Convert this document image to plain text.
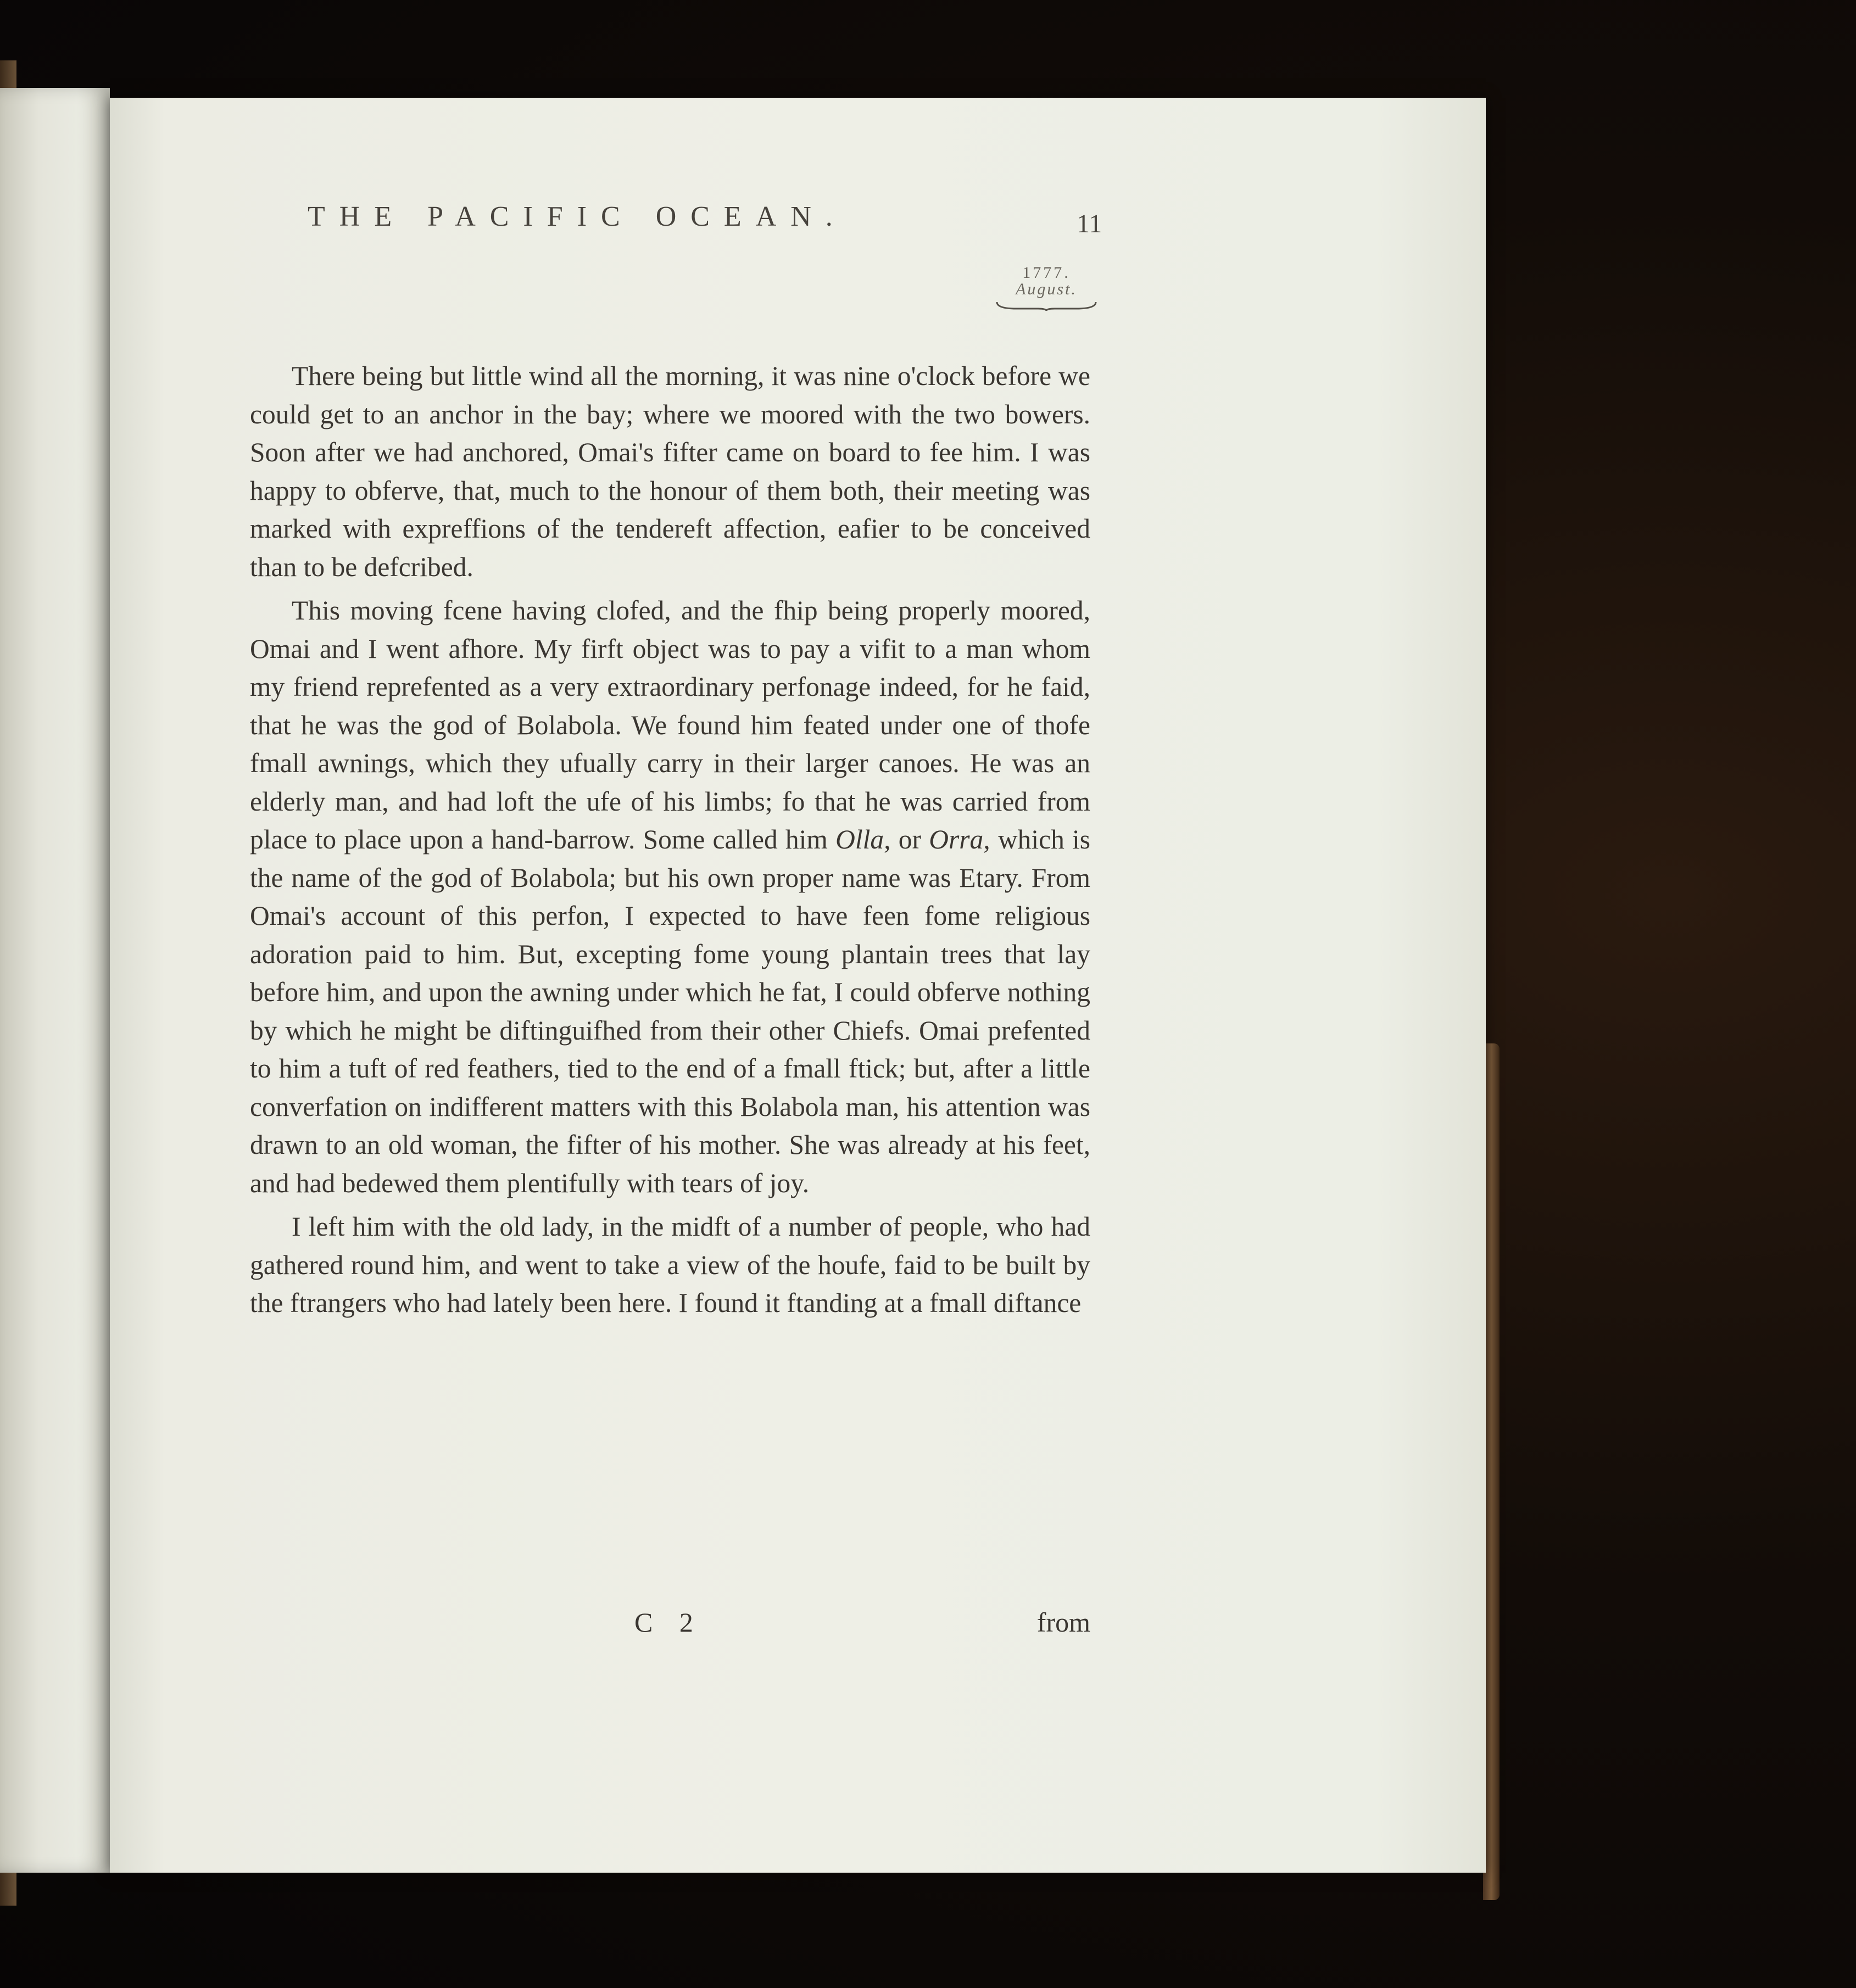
THE PACIFIC OCEAN.	11
1777.
August.

There being but little wind all the morning, it was nine o'clock before we could get to an anchor in the bay; where we moored with the two bowers. Soon after we had anchored, Omai's fifter came on board to fee him. I was happy to obferve, that, much to the honour of them both, their meeting was marked with expreffions of the tendereft affection, eafier to be conceived than to be defcribed.

This moving fcene having clofed, and the fhip being properly moored, Omai and I went afhore. My firft object was to pay a vifit to a man whom my friend reprefented as a very extraordinary perfonage indeed, for he faid, that he was the god of Bolabola. We found him feated under one of thofe fmall awnings, which they ufually carry in their larger canoes. He was an elderly man, and had loft the ufe of his limbs; fo that he was carried from place to place upon a hand-barrow. Some called him Olla, or Orra, which is the name of the god of Bolabola; but his own proper name was Etary. From Omai's account of this perfon, I expected to have feen fome religious adoration paid to him. But, excepting fome young plantain trees that lay before him, and upon the awning under which he fat, I could obferve nothing by which he might be diftinguifhed from their other Chiefs. Omai prefented to him a tuft of red feathers, tied to the end of a fmall ftick; but, after a little converfation on indifferent matters with this Bolabola man, his attention was drawn to an old woman, the fifter of his mother. She was already at his feet, and had bedewed them plentifully with tears of joy.

I left him with the old lady, in the midft of a number of people, who had gathered round him, and went to take a view of the houfe, faid to be built by the ftrangers who had lately been here. I found it ftanding at a fmall diftance

C 2	from
